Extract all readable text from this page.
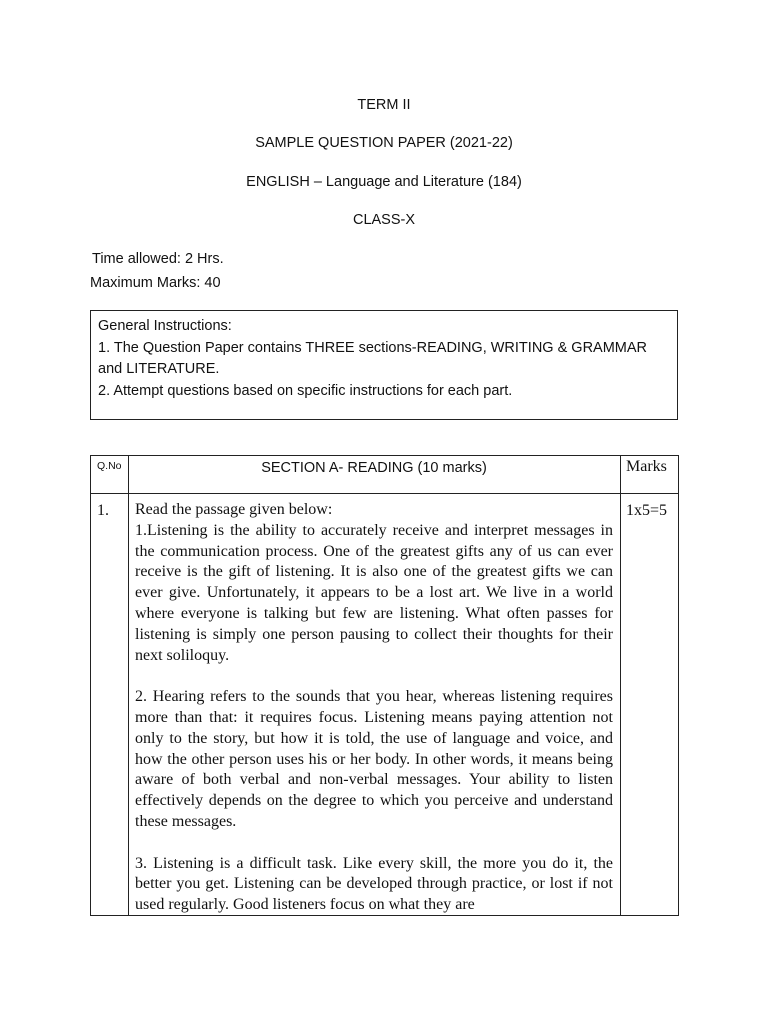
TERM II
SAMPLE QUESTION PAPER (2021-22)
ENGLISH – Language and Literature (184)
CLASS-X
Time allowed: 2 Hrs.
Maximum Marks: 40
General Instructions:
1. The Question Paper contains THREE sections-READING, WRITING & GRAMMAR and LITERATURE.
2. Attempt questions based on specific instructions for each part.
Q.No	SECTION A- READING (10 marks)	Marks
1. Read the passage given below:

1.Listening is the ability to accurately receive and interpret messages in the communication process. One of the greatest gifts any of us can ever receive is the gift of listening. It is also one of the greatest gifts we can ever give. Unfortunately, it appears to be a lost art. We live in a world where everyone is talking but few are listening. What often passes for listening is simply one person pausing to collect their thoughts for their next soliloquy.

2. Hearing refers to the sounds that you hear, whereas listening requires more than that: it requires focus. Listening means paying attention not only to the story, but how it is told, the use of language and voice, and how the other person uses his or her body. In other words, it means being aware of both verbal and non-verbal messages. Your ability to listen effectively depends on the degree to which you perceive and understand these messages.

3. Listening is a difficult task. Like every skill, the more you do it, the better you get. Listening can be developed through practice, or lost if not used regularly. Good listeners focus on what they are

1x5=5
